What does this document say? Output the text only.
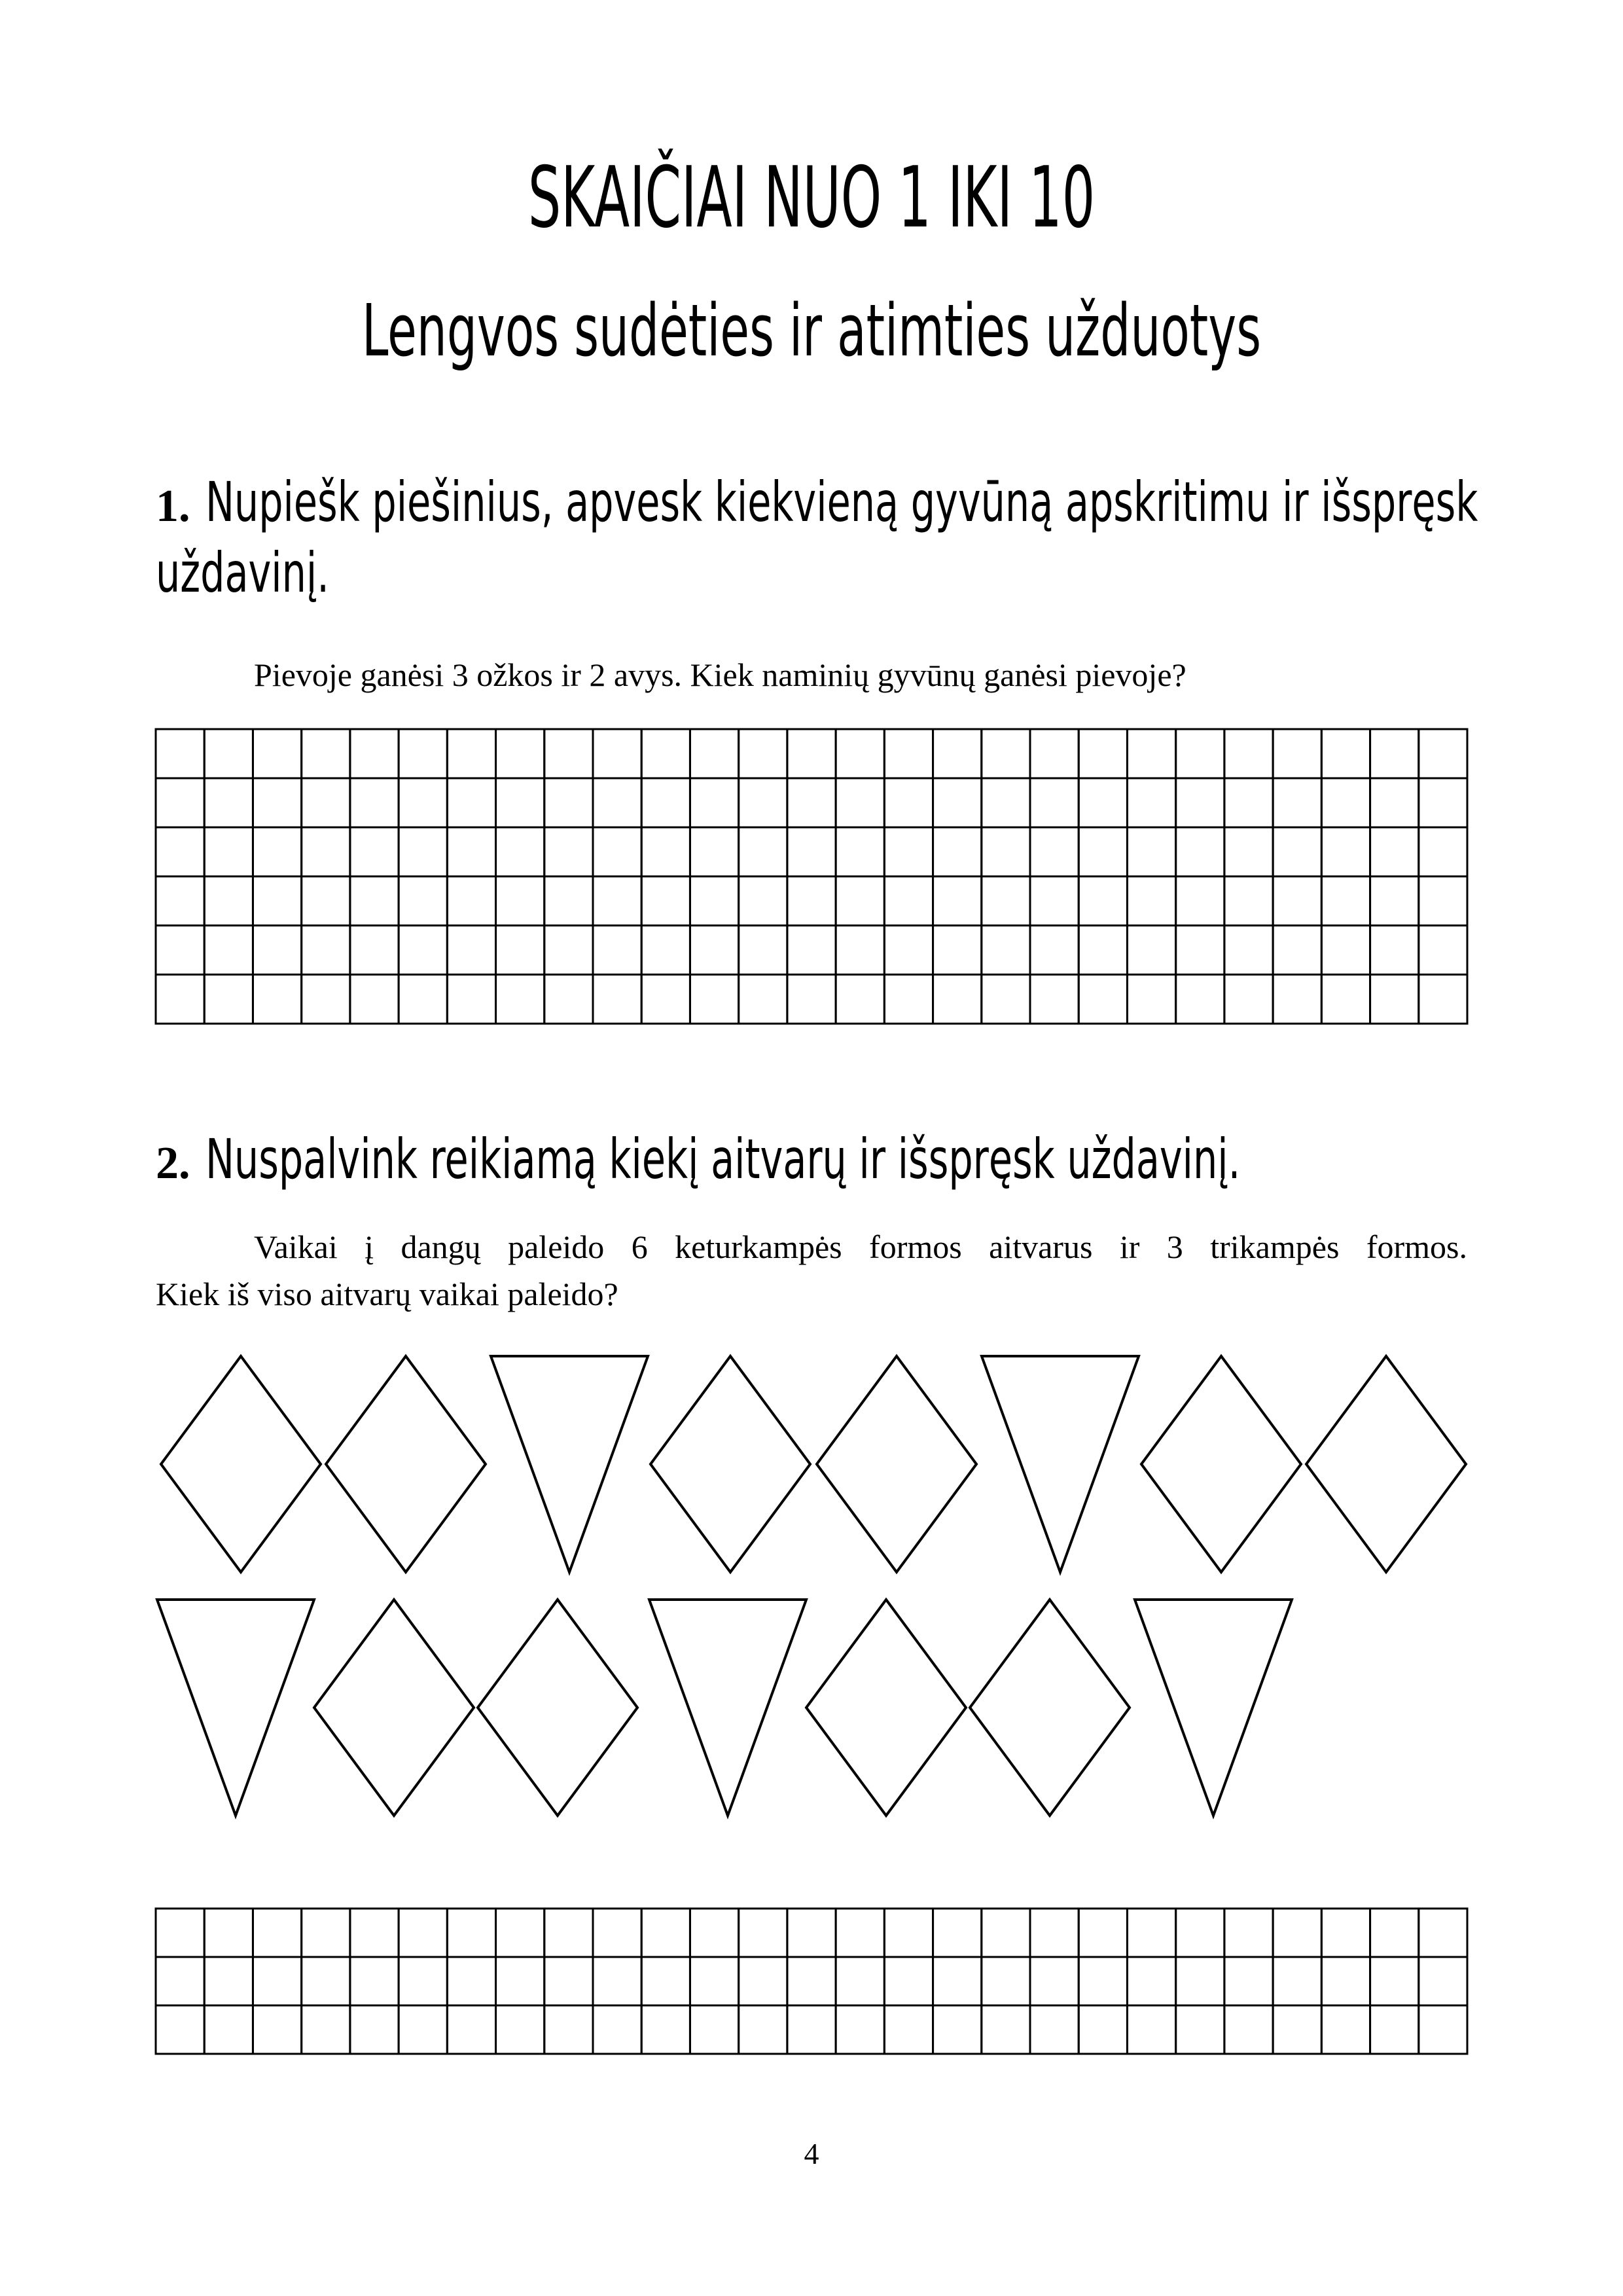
SKAIČIAI NUO 1 IKI 10
Lengvos sudėties ir atimties užduotys
1. Nupiešk piešinius, apvesk kiekvieną gyvūną apskritimu ir išspręsk
uždavinį.
Pievoje ganėsi 3 ožkos ir 2 avys. Kiek naminių gyvūnų ganėsi pievoje?
2. Nuspalvink reikiamą kiekį aitvarų ir išspręsk uždavinį.
Vaikai į dangų paleido 6 keturkampės formos aitvarus ir 3 trikampės formos.
Kiek iš viso aitvarų vaikai paleido?
4
